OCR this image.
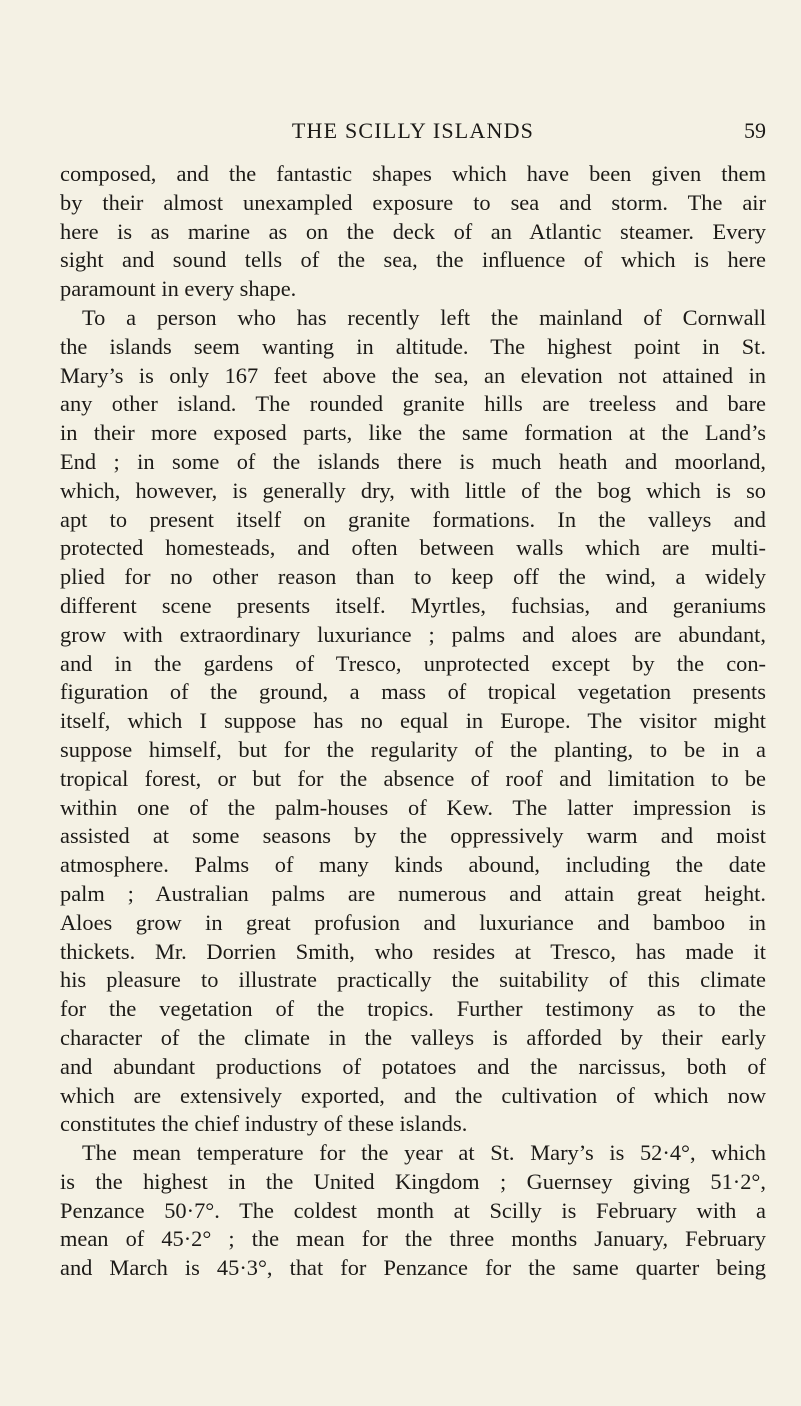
THE SCILLY ISLANDS	59
composed, and the fantastic shapes which have been given them
by their almost unexampled exposure to sea and storm. The air
here is as marine as on the deck of an Atlantic steamer. Every
sight and sound tells of the sea, the influence of which is here
paramount in every shape.
To a person who has recently left the mainland of Cornwall
the islands seem wanting in altitude. The highest point in St.
Mary’s is only 167 feet above the sea, an elevation not attained in
any other island. The rounded granite hills are treeless and bare
in their more exposed parts, like the same formation at the Land’s
End ; in some of the islands there is much heath and moorland,
which, however, is generally dry, with little of the bog which is so
apt to present itself on granite formations. In the valleys and
protected homesteads, and often between walls which are multi-
plied for no other reason than to keep off the wind, a widely
different scene presents itself. Myrtles, fuchsias, and geraniums
grow with extraordinary luxuriance ; palms and aloes are abundant,
and in the gardens of Tresco, unprotected except by the con-
figuration of the ground, a mass of tropical vegetation presents
itself, which I suppose has no equal in Europe. The visitor might
suppose himself, but for the regularity of the planting, to be in a
tropical forest, or but for the absence of roof and limitation to be
within one of the palm-houses of Kew. The latter impression is
assisted at some seasons by the oppressively warm and moist
atmosphere. Palms of many kinds abound, including the date
palm ; Australian palms are numerous and attain great height.
Aloes grow in great profusion and luxuriance and bamboo in
thickets. Mr. Dorrien Smith, who resides at Tresco, has made it
his pleasure to illustrate practically the suitability of this climate
for the vegetation of the tropics. Further testimony as to the
character of the climate in the valleys is afforded by their early
and abundant productions of potatoes and the narcissus, both of
which are extensively exported, and the cultivation of which now
constitutes the chief industry of these islands.
The mean temperature for the year at St. Mary’s is 52·4°, which
is the highest in the United Kingdom ; Guernsey giving 51·2°,
Penzance 50·7°. The coldest month at Scilly is February with a
mean of 45·2° ; the mean for the three months January, February
and March is 45·3°, that for Penzance for the same quarter being
